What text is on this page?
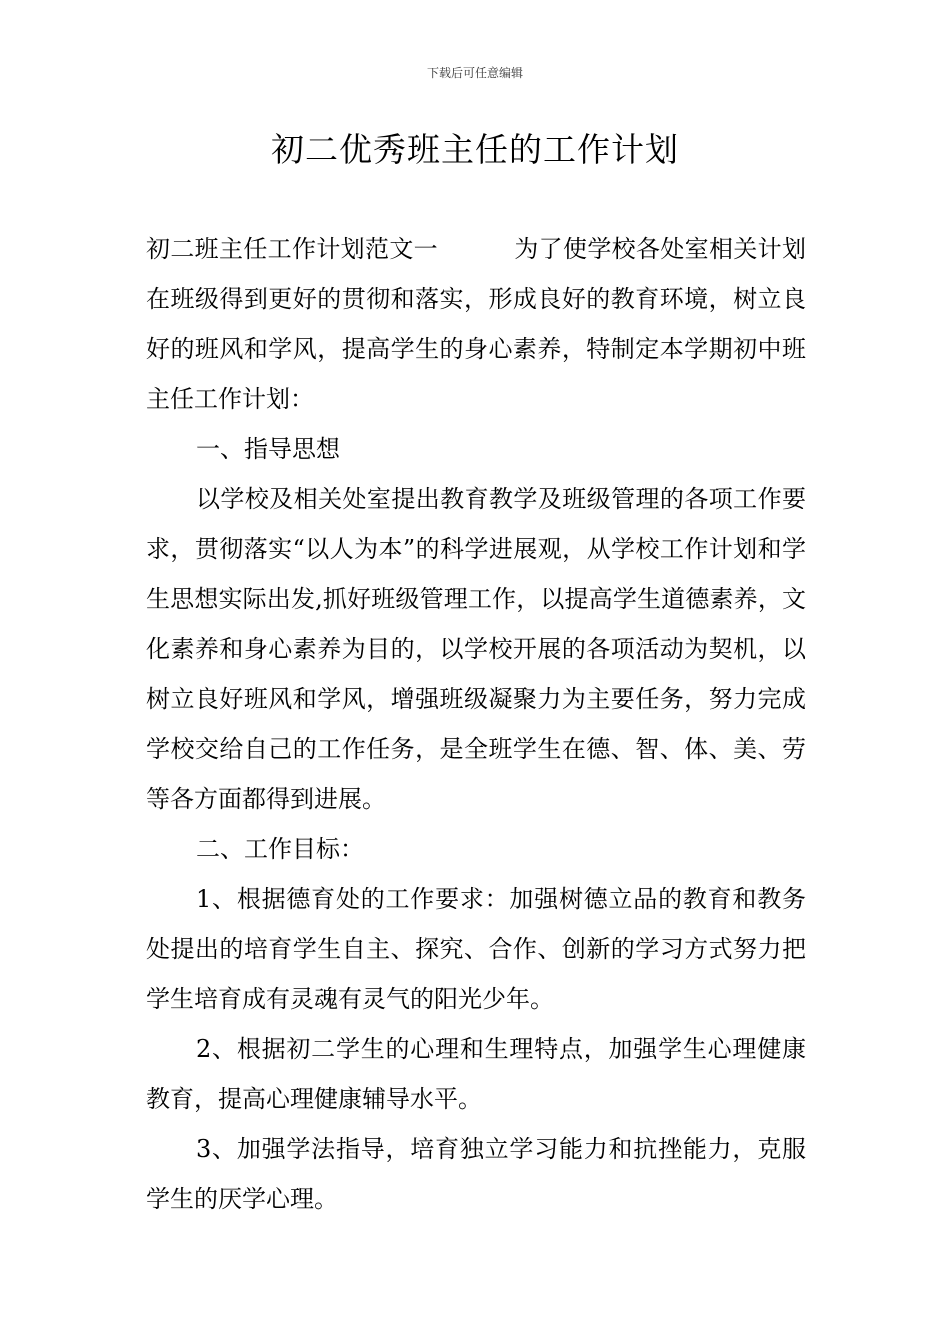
下载后可任意编辑
初二优秀班主任的工作计划

初二班主任工作计划范文一	为了使学校各处室相关计划在班级得到更好的贯彻和落实，形成良好的教育环境，树立良好的班风和学风，提高学生的身心素养，特制定本学期初中班主任工作计划：

一、指导思想

以学校及相关处室提出教育教学及班级管理的各项工作要求，贯彻落实“以人为本”的科学进展观，从学校工作计划和学生思想实际出发,抓好班级管理工作，以提高学生道德素养，文化素养和身心素养为目的，以学校开展的各项活动为契机，以树立良好班风和学风，增强班级凝聚力为主要任务，努力完成学校交给自己的工作任务，是全班学生在德、智、体、美、劳等各方面都得到进展。

二、工作目标：

1、根据德育处的工作要求：加强树德立品的教育和教务处提出的培育学生自主、探究、合作、创新的学习方式努力把学生培育成有灵魂有灵气的阳光少年。

2、根据初二学生的心理和生理特点，加强学生心理健康教育，提高心理健康辅导水平。

3、加强学法指导，培育独立学习能力和抗挫能力，克服学生的厌学心理。
